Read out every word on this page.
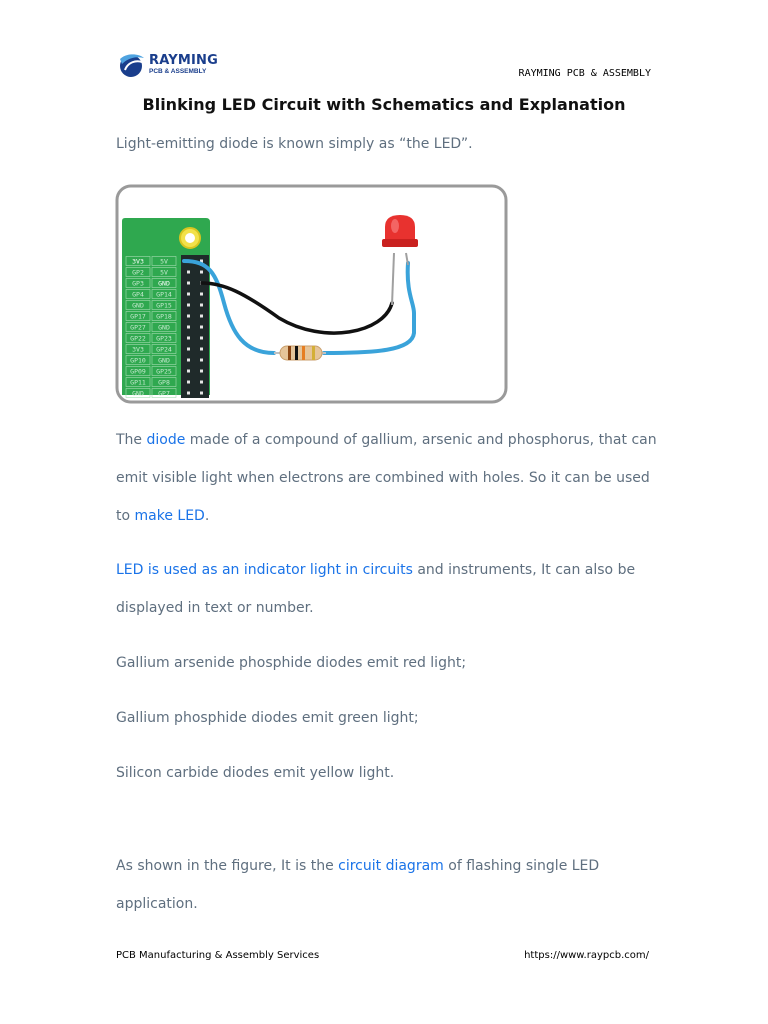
RAYMING
PCB & ASSEMBLY	RAYMING PCB & ASSEMBLY
Blinking LED Circuit with Schematics and Explanation

Light-emitting diode is known simply as “the LED”.

3V3 5V
GP2 5V
GP3 GND
GP4 GP14
GND GP15
GP17 GP18
GP27 GND
GP22 GP23
3V3 GP24
GP10 GND
GP09 GP25
GP11 GP8
GND GP7

The diode made of a compound of gallium, arsenic and phosphorus, that can emit visible light when electrons are combined with holes. So it can be used to make LED.

LED is used as an indicator light in circuits and instruments, It can also be displayed in text or number.

Gallium arsenide phosphide diodes emit red light;

Gallium phosphide diodes emit green light;

Silicon carbide diodes emit yellow light.

As shown in the figure, It is the circuit diagram of flashing single LED application.

PCB Manufacturing & Assembly Services	https://www.raypcb.com/
